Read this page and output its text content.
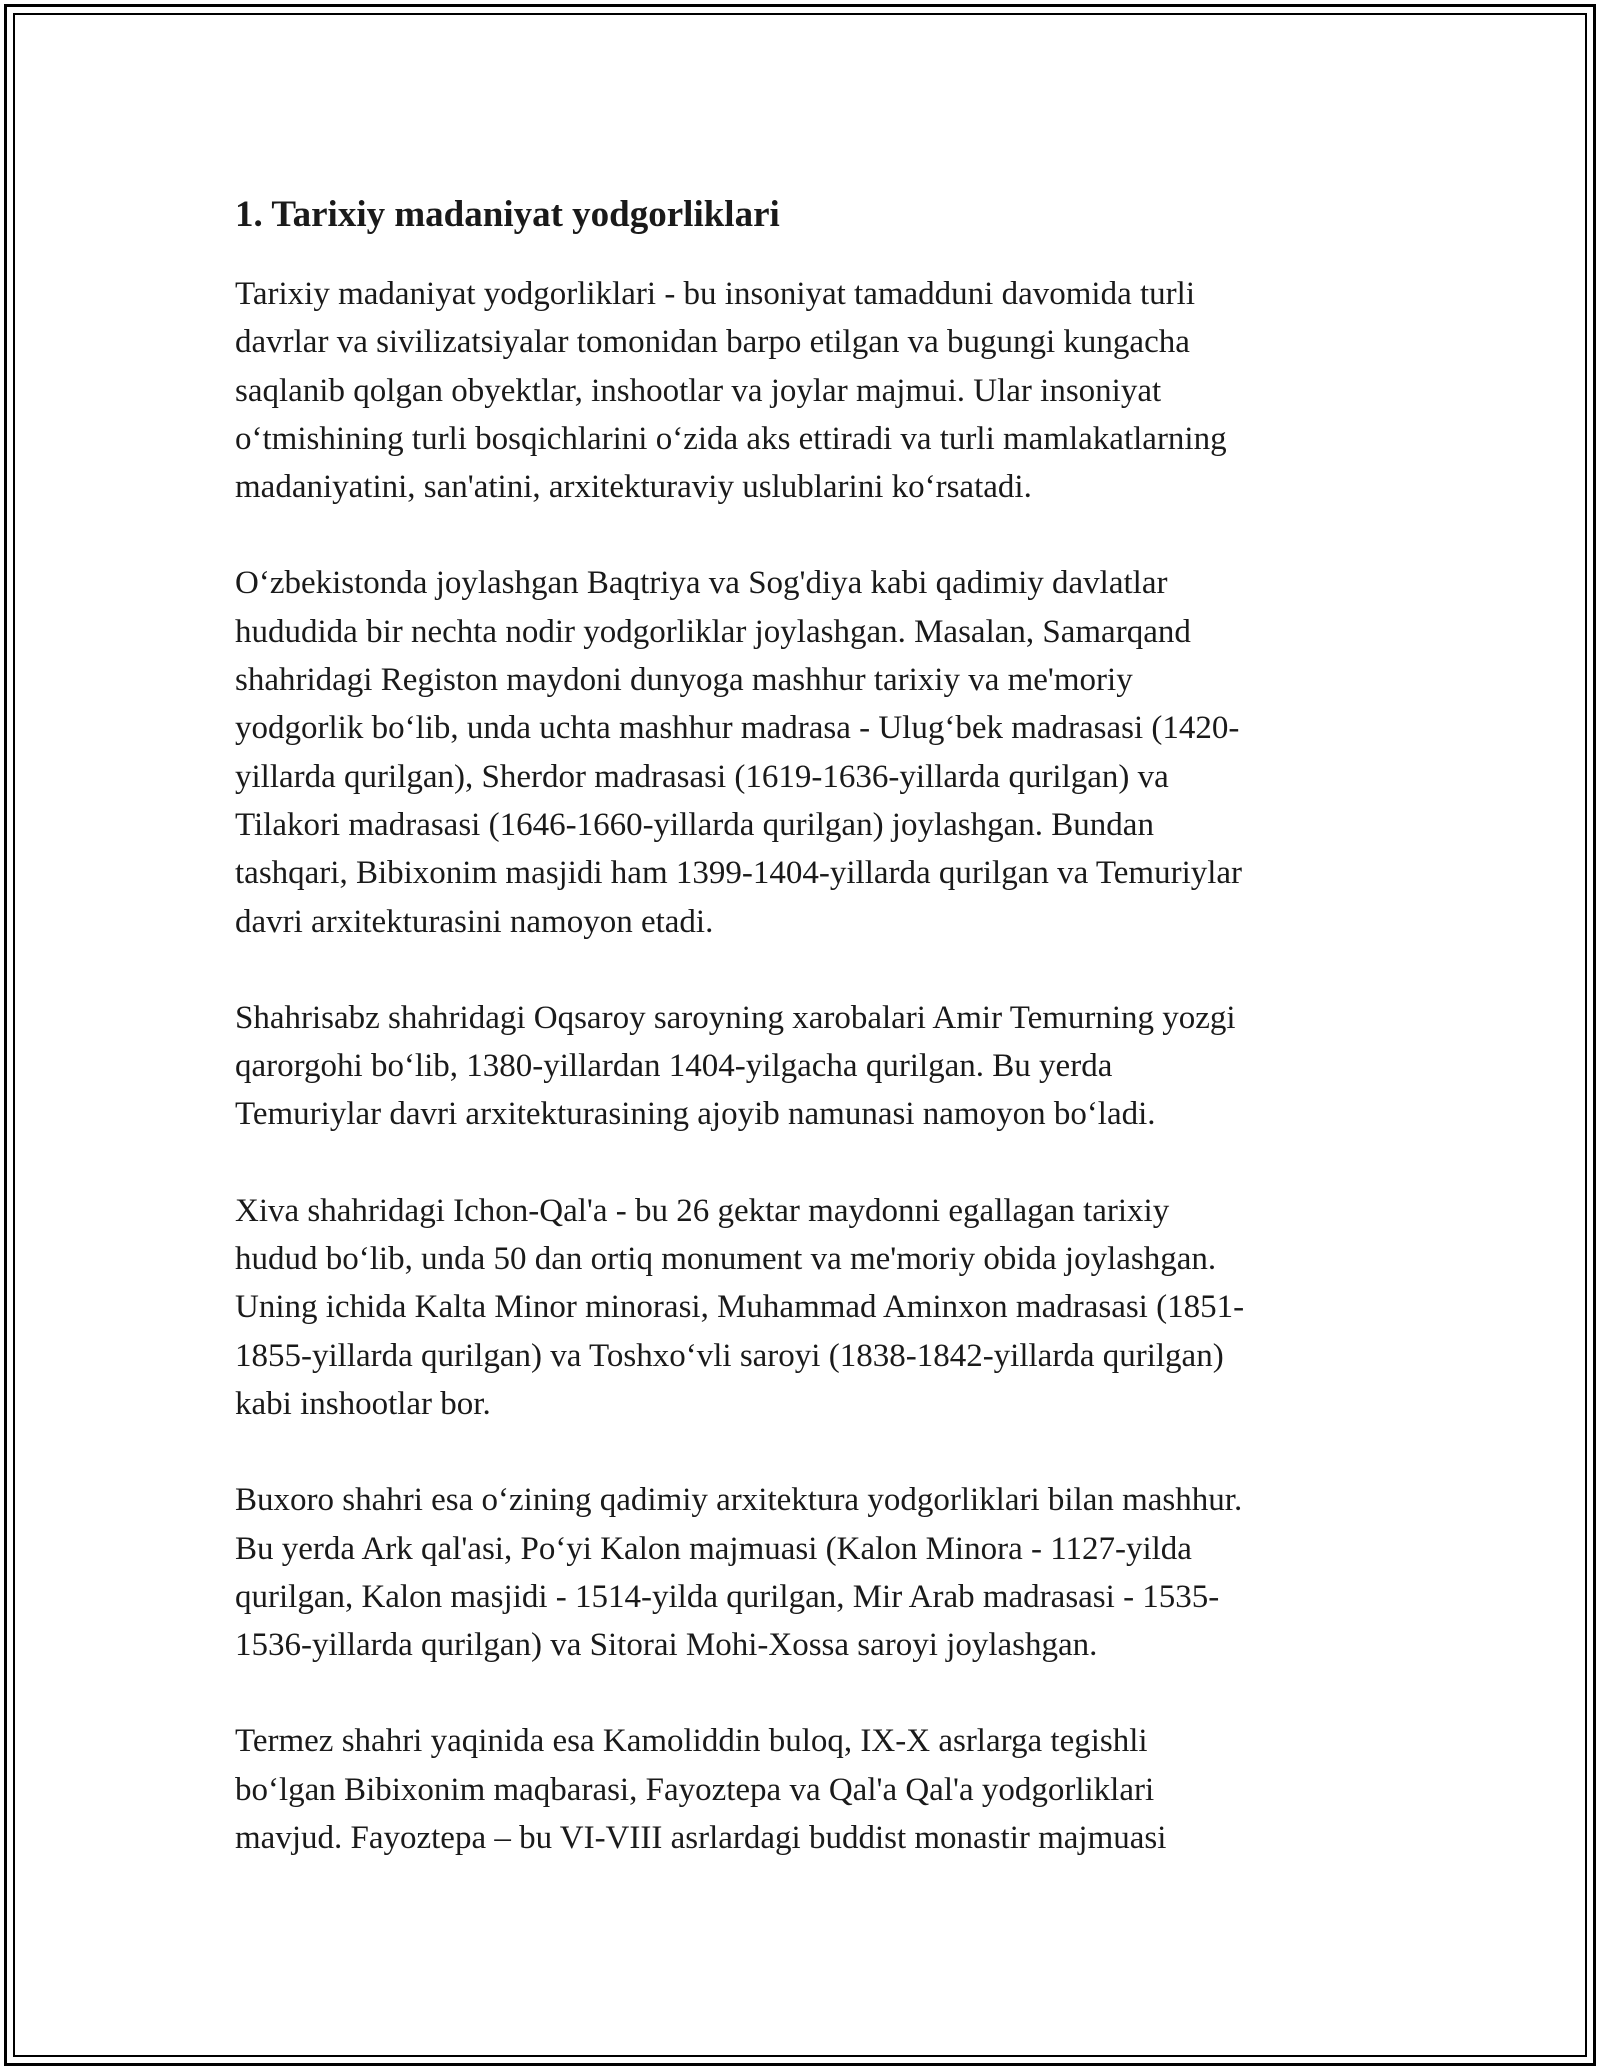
1. Tarixiy madaniyat yodgorliklari

Tarixiy madaniyat yodgorliklari - bu insoniyat tamadduni davomida turli
davrlar va sivilizatsiyalar tomonidan barpo etilgan va bugungi kungacha
saqlanib qolgan obyektlar, inshootlar va joylar majmui. Ular insoniyat
o‘tmishining turli bosqichlarini o‘zida aks ettiradi va turli mamlakatlarning
madaniyatini, san'atini, arxitekturaviy uslublarini ko‘rsatadi.

O‘zbekistonda joylashgan Baqtriya va Sog'diya kabi qadimiy davlatlar
hududida bir nechta nodir yodgorliklar joylashgan. Masalan, Samarqand
shahridagi Registon maydoni dunyoga mashhur tarixiy va me'moriy
yodgorlik bo‘lib, unda uchta mashhur madrasa - Ulug‘bek madrasasi (1420-
yillarda qurilgan), Sherdor madrasasi (1619-1636-yillarda qurilgan) va
Tilakori madrasasi (1646-1660-yillarda qurilgan) joylashgan. Bundan
tashqari, Bibixonim masjidi ham 1399-1404-yillarda qurilgan va Temuriylar
davri arxitekturasini namoyon etadi.

Shahrisabz shahridagi Oqsaroy saroyning xarobalari Amir Temurning yozgi
qarorgohi bo‘lib, 1380-yillardan 1404-yilgacha qurilgan. Bu yerda
Temuriylar davri arxitekturasining ajoyib namunasi namoyon bo‘ladi.

Xiva shahridagi Ichon-Qal'a - bu 26 gektar maydonni egallagan tarixiy
hudud bo‘lib, unda 50 dan ortiq monument va me'moriy obida joylashgan.
Uning ichida Kalta Minor minorasi, Muhammad Aminxon madrasasi (1851-
1855-yillarda qurilgan) va Toshxo‘vli saroyi (1838-1842-yillarda qurilgan)
kabi inshootlar bor.

Buxoro shahri esa o‘zining qadimiy arxitektura yodgorliklari bilan mashhur.
Bu yerda Ark qal'asi, Po‘yi Kalon majmuasi (Kalon Minora - 1127-yilda
qurilgan, Kalon masjidi - 1514-yilda qurilgan, Mir Arab madrasasi - 1535-
1536-yillarda qurilgan) va Sitorai Mohi-Xossa saroyi joylashgan.

Termez shahri yaqinida esa Kamoliddin buloq, IX-X asrlarga tegishli
bo‘lgan Bibixonim maqbarasi, Fayoztepa va Qal'a Qal'a yodgorliklari
mavjud. Fayoztepa – bu VI-VIII asrlardagi buddist monastir majmuasi
